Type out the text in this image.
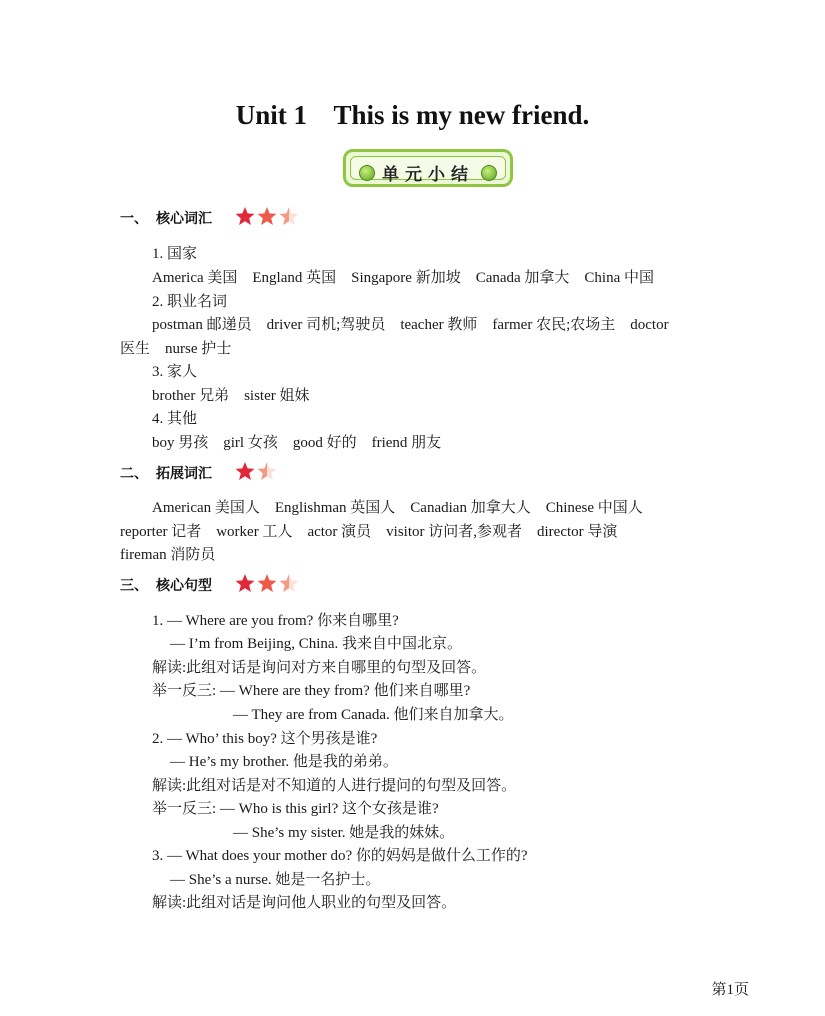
Unit 1    This is my new friend.
单元小结
一、 核心词汇
1. 国家
America 美国    England 英国    Singapore 新加坡    Canada 加拿大    China 中国
2. 职业名词
postman 邮递员    driver 司机;驾驶员    teacher 教师    farmer 农民;农场主    doctor
医生    nurse 护士
3. 家人
brother 兄弟    sister 姐妹
4. 其他
boy 男孩    girl 女孩    good 好的    friend 朋友
二、 拓展词汇
American 美国人    Englishman 英国人    Canadian 加拿大人    Chinese 中国人
reporter 记者    worker 工人    actor 演员    visitor 访问者,参观者    director 导演
fireman 消防员
三、 核心句型
1. — Where are you from? 你来自哪里?
— I’m from Beijing, China. 我来自中国北京。
解读:此组对话是询问对方来自哪里的句型及回答。
举一反三: — Where are they from? 他们来自哪里?
— They are from Canada. 他们来自加拿大。
2. — Who’ this boy? 这个男孩是谁?
— He’s my brother. 他是我的弟弟。
解读:此组对话是对不知道的人进行提问的句型及回答。
举一反三: — Who is this girl? 这个女孩是谁?
— She’s my sister. 她是我的妹妹。
3. — What does your mother do? 你的妈妈是做什么工作的?
— She’s a nurse. 她是一名护士。
解读:此组对话是询问他人职业的句型及回答。
第1页
